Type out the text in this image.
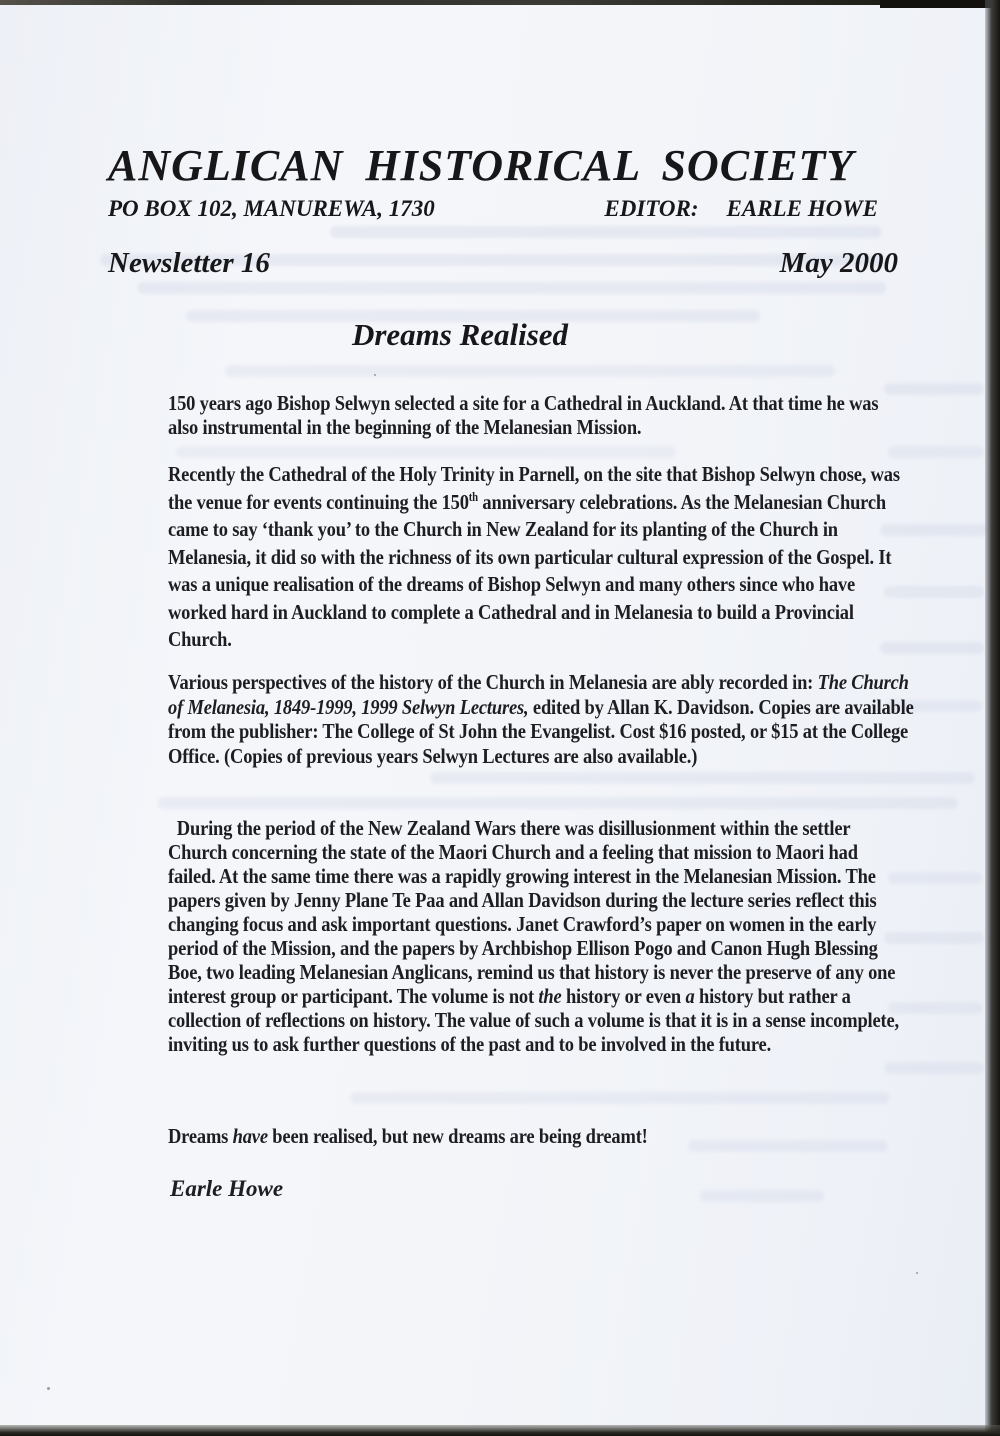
ANGLICAN HISTORICAL SOCIETY
PO BOX 102, MANUREWA, 1730	EDITOR: EARLE HOWE
Newsletter 16	May 2000
Dreams Realised

150 years ago Bishop Selwyn selected a site for a Cathedral in Auckland. At that time he was also instrumental in the beginning of the Melanesian Mission.

Recently the Cathedral of the Holy Trinity in Parnell, on the site that Bishop Selwyn chose, was the venue for events continuing the 150th anniversary celebrations. As the Melanesian Church came to say ‘thank you’ to the Church in New Zealand for its planting of the Church in Melanesia, it did so with the richness of its own particular cultural expression of the Gospel. It was a unique realisation of the dreams of Bishop Selwyn and many others since who have worked hard in Auckland to complete a Cathedral and in Melanesia to build a Provincial Church.

Various perspectives of the history of the Church in Melanesia are ably recorded in: The Church of Melanesia, 1849-1999, 1999 Selwyn Lectures, edited by Allan K. Davidson. Copies are available from the publisher: The College of St John the Evangelist. Cost $16 posted, or $15 at the College Office. (Copies of previous years Selwyn Lectures are also available.)

During the period of the New Zealand Wars there was disillusionment within the settler Church concerning the state of the Maori Church and a feeling that mission to Maori had failed. At the same time there was a rapidly growing interest in the Melanesian Mission. The papers given by Jenny Plane Te Paa and Allan Davidson during the lecture series reflect this changing focus and ask important questions. Janet Crawford’s paper on women in the early period of the Mission, and the papers by Archbishop Ellison Pogo and Canon Hugh Blessing Boe, two leading Melanesian Anglicans, remind us that history is never the preserve of any one interest group or participant. The volume is not the history or even a history but rather a collection of reflections on history. The value of such a volume is that it is in a sense incomplete, inviting us to ask further questions of the past and to be involved in the future.

Dreams have been realised, but new dreams are being dreamt!

Earle Howe
